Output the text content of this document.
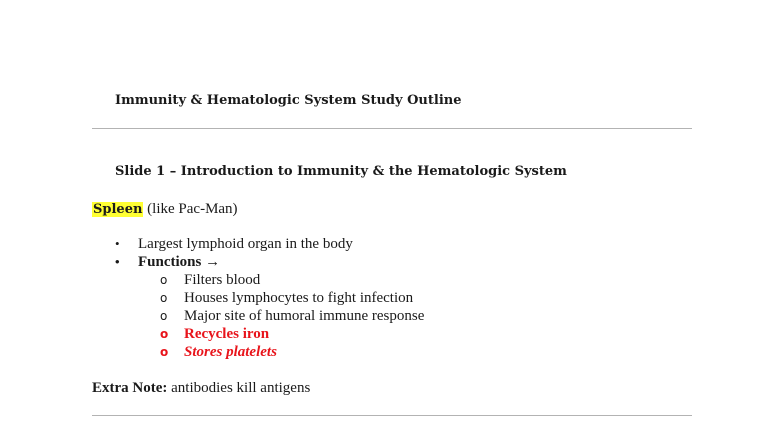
Immunity & Hematologic System Study Outline
Slide 1 – Introduction to Immunity & the Hematologic System
Spleen (like Pac-Man)
•	Largest lymphoid organ in the body
•	Functions →
o	Filters blood
o	Houses lymphocytes to fight infection
o	Major site of humoral immune response
o	Recycles iron
o	Stores platelets
Extra Note: antibodies kill antigens
